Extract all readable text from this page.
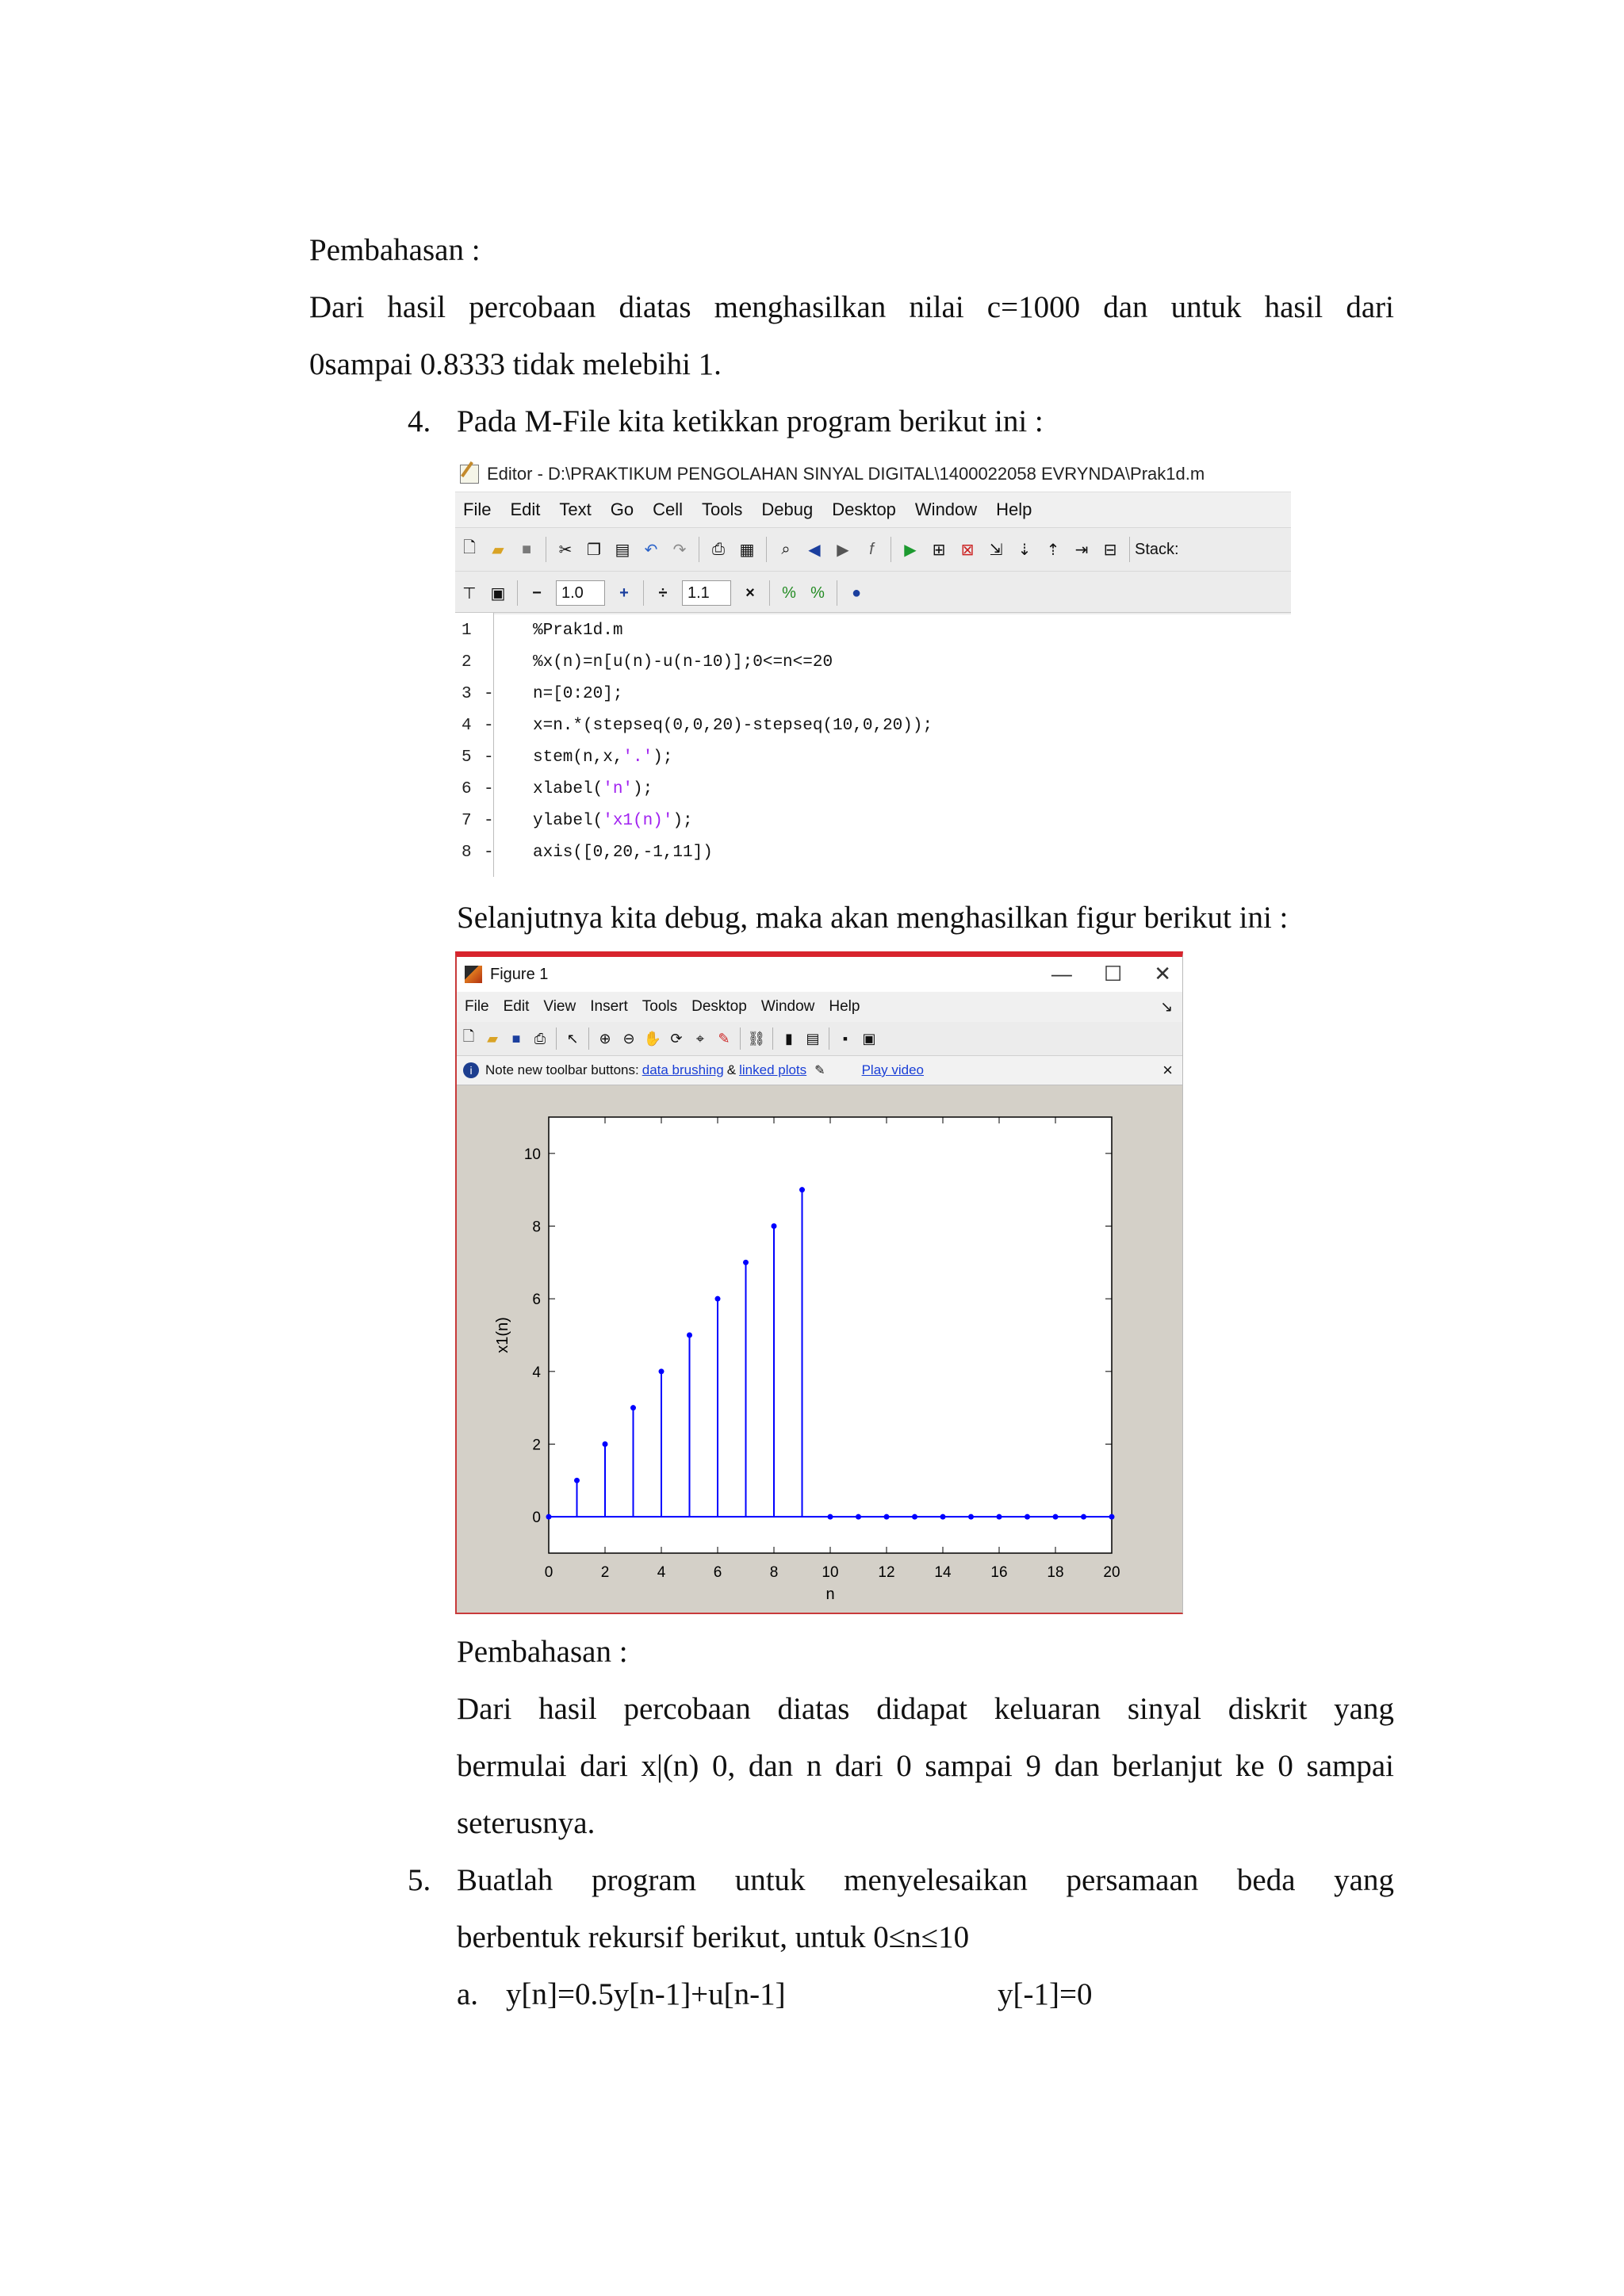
Pembahasan :
Dari hasil percobaan diatas menghasilkan nilai c=1000 dan untuk hasil dari
0sampai 0.8333 tidak melebihi 1.
4. Pada M-File kita ketikkan program berikut ini :
Editor - D:\PRAKTIKUM PENGOLAHAN SINYAL DIGITAL\1400022058 EVRYNDA\Prak1d.m
File Edit Text Go Cell Tools Debug Desktop Window Help
🗋	▰	■	✂ ❐ ▤ ↶ ↷	⎙ ▦	⌕	◀	▶	f	▶ ⊞ ⊠ ⇲ ⇣ ⇡ ⇥ ⊟ Stack:
⊤ ▣	−	1.0	+	÷	1.1	×	% %	●
1	%Prak1d.m
2	%x(n)=n[u(n)-u(n-10)];0<=n<=20
3 - n=[0:20];
4 - x=n.*(stepseq(0,0,20)-stepseq(10,0,20));
5 - stem(n,x,'.');
6 - xlabel('n');
7 - ylabel('x1(n)');
8 - axis([0,20,-1,11])
Selanjutnya kita debug, maka akan menghasilkan figur berikut ini :
Figure 1	— ☐ ✕
File Edit View Insert Tools Desktop Window Help	↘
🗋 ▰ ■ ⎙ ↖ ⊕ ⊖ ✋ ⟳ ⌖ ✎ ⛓	▮ ▤	▪	▣
i Note new toolbar buttons: data brushing & linked plots ✎	Play video	×
0	2	4	6	8	10	12	14	16	18	20
0
2
4
6
8
10
n
x1(n)
Pembahasan :
Dari hasil percobaan diatas didapat keluaran sinyal diskrit yang
bermulai dari x|(n) 0, dan n dari 0 sampai 9 dan berlanjut ke 0 sampai
seterusnya.
5. Buatlah program untuk menyelesaikan persamaan beda yang
berbentuk rekursif berikut, untuk 0≤n≤10
a. y[n]=0.5y[n-1]+u[n-1]	y[-1]=0
